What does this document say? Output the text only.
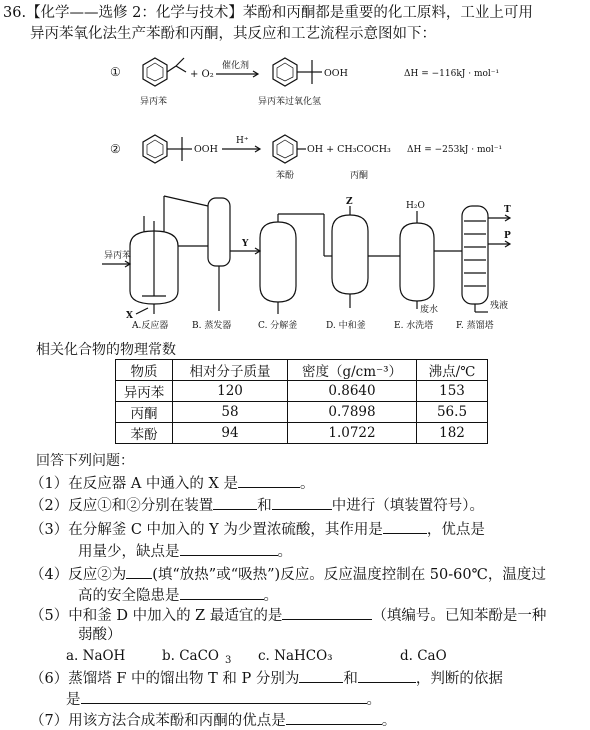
36.【化学——选修 2：化学与技术】苯酚和丙酮都是重要的化工原料，工业上可用
异丙苯氧化法生产苯酚和丙酮，其反应和工艺流程示意图如下：
①	+ O₂
催化剂
OOH	ΔH = −116kJ · mol⁻¹
异丙苯	异丙苯过氧化氢
②	OOH
H⁺
OH + CH₃COCH₃ ΔH = −253kJ · mol⁻¹
苯酚	丙酮
异丙苯
X
Y
Z	H₂O	T
P
废水	残液
A.反应器	B. 蒸发器	C. 分解釜	D. 中和釜	E. 水洗塔	F. 蒸馏塔
相关化合物的物理常数
物质	相对分子质量	密度（g/cm⁻³）	沸点/℃
异丙苯	120	0.8640	153
丙酮	58	0.7898	56.5
苯酚	94	1.0722	182
回答下列问题：
（1）在反应器 A 中通入的 X 是	。
（2）反应①和②分别在装置	和	中进行（填装置符号）。
（3）在分解釜 C 中加入的 Y 为少置浓硫酸，其作用是	，优点是
用量少，缺点是	。
（4）反应②为 (填“放热”或“吸热”)反应。反应温度控制在 50-60℃，温度过
高的安全隐患是	。
（5）中和釜 D 中加入的 Z 最适宜的是	（填编号。已知苯酚是一种
弱酸）
a. NaOH	b. CaCO $_3$ c. NaHCO₃	d. CaO
（6）蒸馏塔 F 中的馏出物 T 和 P 分别为	和	，判断的依据
是	。
（7）用该方法合成苯酚和丙酮的优点是	。
